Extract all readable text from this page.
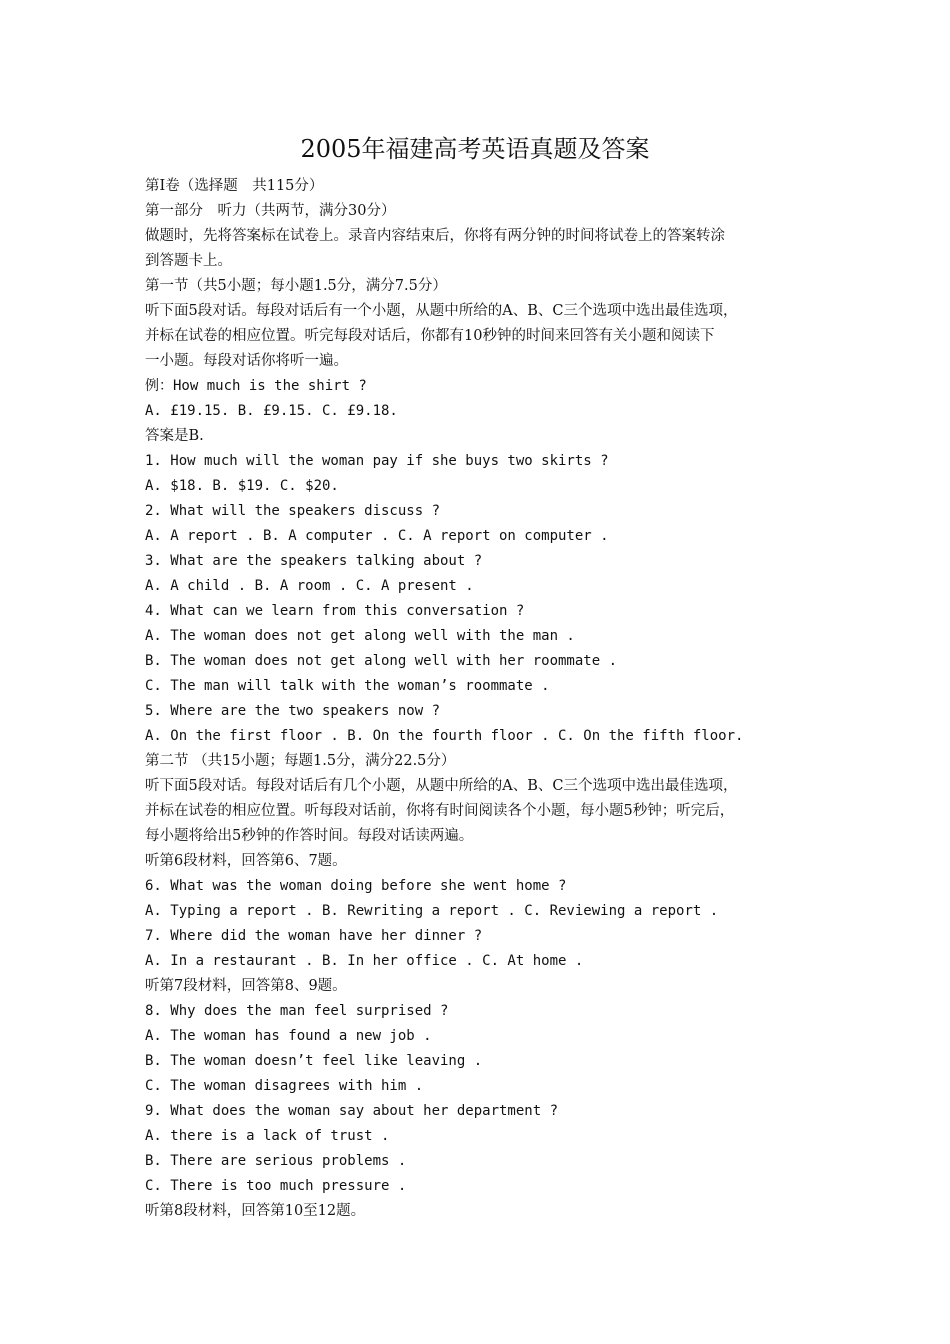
2005年福建高考英语真题及答案
第Ⅰ卷（选择题　共115分）
第一部分　听力（共两节，满分30分）
做题时，先将答案标在试卷上。录音内容结束后，你将有两分钟的时间将试卷上的答案转涂
到答题卡上。
第一节（共5小题；每小题1.5分，满分7.5分）
听下面5段对话。每段对话后有一个小题，从题中所给的A、B、C三个选项中选出最佳选项，
并标在试卷的相应位置。听完每段对话后，你都有10秒钟的时间来回答有关小题和阅读下
一小题。每段对话你将听一遍。
例：How much is the shirt ?
A. £19.15. B. £9.15. C. £9.18.
答案是B.
1. How much will the woman pay if she buys two skirts ?
A. $18. B. $19. C. $20.
2. What will the speakers discuss ?
A. A report . B. A computer . C. A report on computer .
3. What are the speakers talking about ?
A. A child . B. A room . C. A present .
4. What can we learn from this conversation ?
A. The woman does not get along well with the man .
B. The woman does not get along well with her roommate .
C. The man will talk with the woman’s roommate .
5. Where are the two speakers now ?
A. On the first floor . B. On the fourth floor . C. On the fifth floor.
第二节 （共15小题；每题1.5分，满分22.5分）
听下面5段对话。每段对话后有几个小题，从题中所给的A、B、C三个选项中选出最佳选项，
并标在试卷的相应位置。听每段对话前，你将有时间阅读各个小题，每小题5秒钟；听完后，
每小题将给出5秒钟的作答时间。每段对话读两遍。
听第6段材料，回答第6、7题。
6. What was the woman doing before she went home ?
A. Typing a report . B. Rewriting a report . C. Reviewing a report .
7. Where did the woman have her dinner ?
A. In a restaurant . B. In her office . C. At home .
听第7段材料，回答第8、9题。
8. Why does the man feel surprised ?
A. The woman has found a new job .
B. The woman doesn’t feel like leaving .
C. The woman disagrees with him .
9. What does the woman say about her department ?
A. there is a lack of trust .
B. There are serious problems .
C. There is too much pressure .
听第8段材料，回答第10至12题。
